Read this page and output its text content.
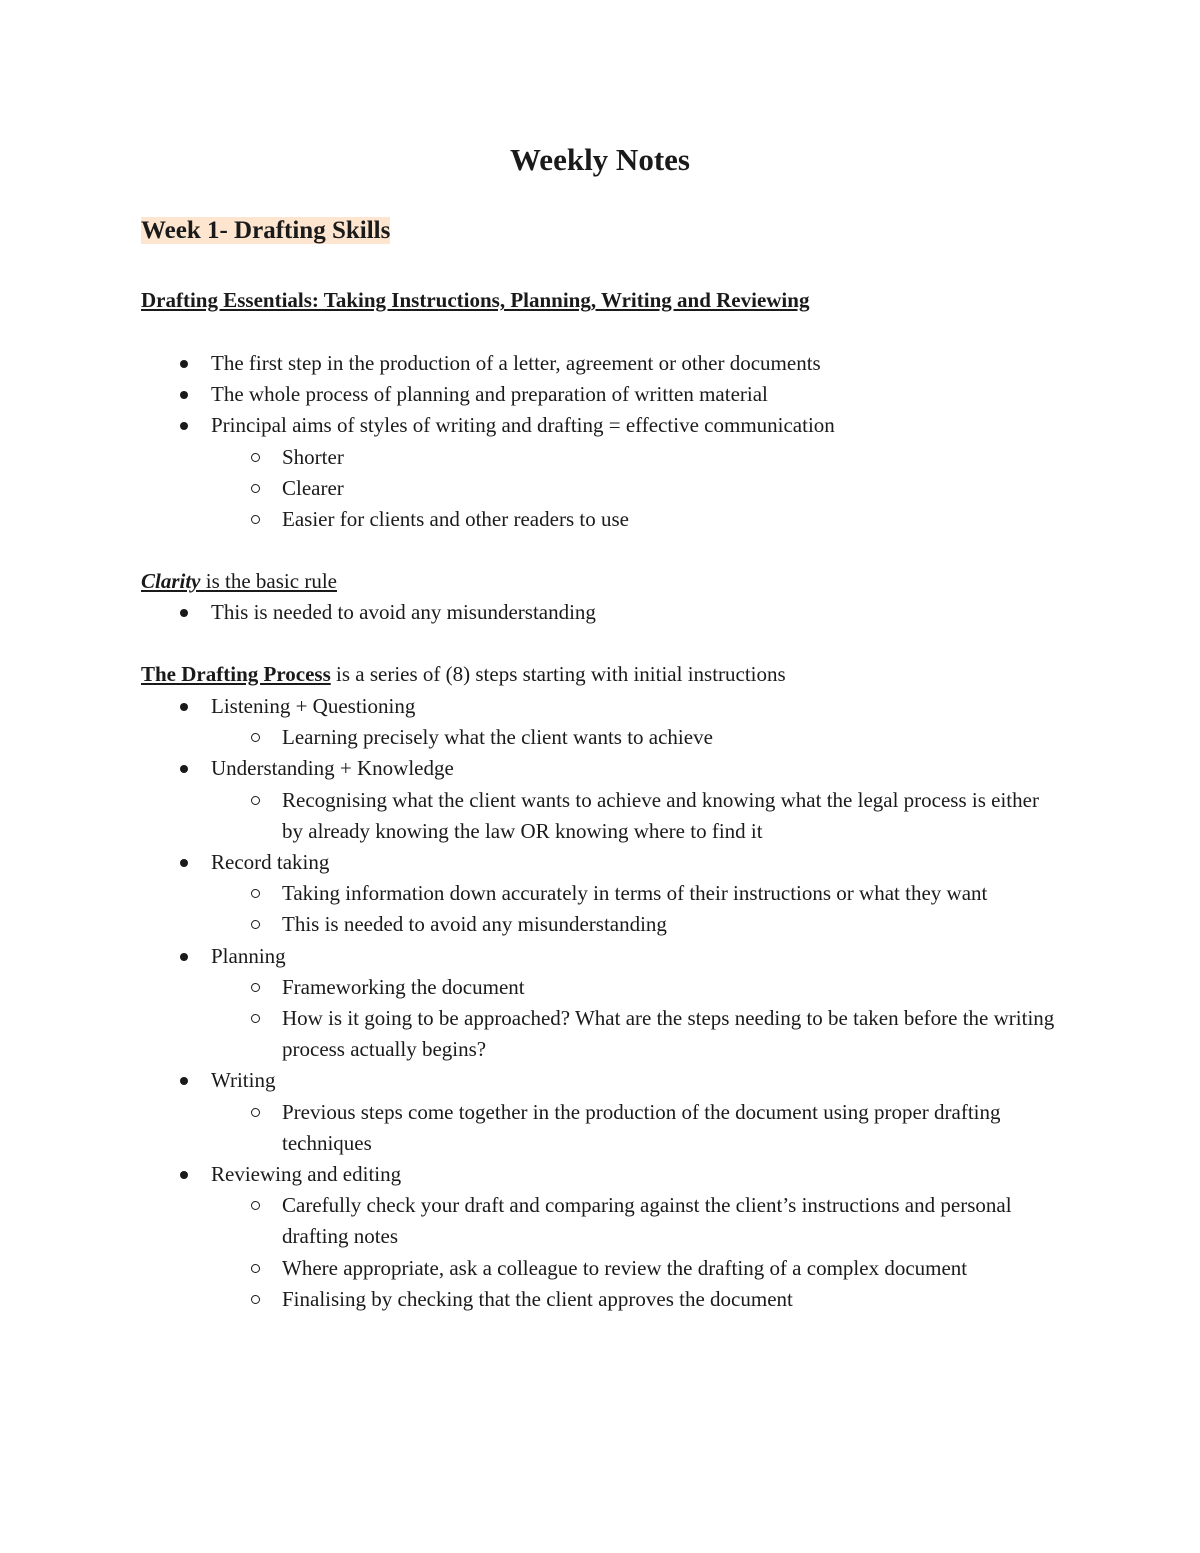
Weekly Notes
Week 1- Drafting Skills

Drafting Essentials: Taking Instructions, Planning, Writing and Reviewing

The first step in the production of a letter, agreement or other documents
The whole process of planning and preparation of written material
Principal aims of styles of writing and drafting = effective communication
Shorter
Clearer
Easier for clients and other readers to use

Clarity is the basic rule

This is needed to avoid any misunderstanding

The Drafting Process is a series of (8) steps starting with initial instructions

Listening + Questioning
Learning precisely what the client wants to achieve
Understanding + Knowledge
Recognising what the client wants to achieve and knowing what the legal process is either by already knowing the law OR knowing where to find it
Record taking
Taking information down accurately in terms of their instructions or what they want
This is needed to avoid any misunderstanding
Planning
Frameworking the document
How is it going to be approached? What are the steps needing to be taken before the writing process actually begins?
Writing
Previous steps come together in the production of the document using proper drafting techniques
Reviewing and editing
Carefully check your draft and comparing against the client’s instructions and personal drafting notes
Where appropriate, ask a colleague to review the drafting of a complex document
Finalising by checking that the client approves the document
